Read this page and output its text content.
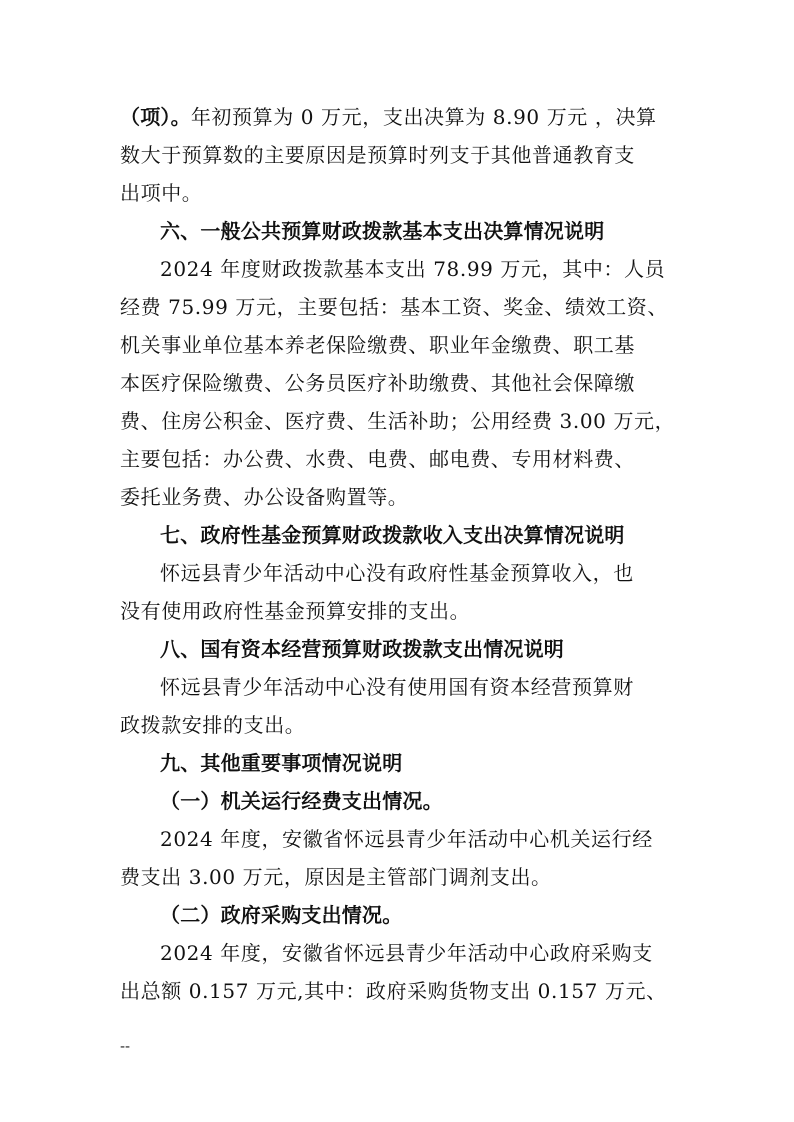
（项）。年初预算为 0 万元，支出决算为 8.90 万元 ，决算
数大于预算数的主要原因是预算时列支于其他普通教育支
出项中。
六、一般公共预算财政拨款基本支出决算情况说明
2024 年度财政拨款基本支出 78.99 万元，其中：人员
经费 75.99 万元，主要包括：基本工资、奖金、绩效工资、
机关事业单位基本养老保险缴费、职业年金缴费、职工基
本医疗保险缴费、公务员医疗补助缴费、其他社会保障缴
费、住房公积金、医疗费、生活补助；公用经费 3.00 万元，
主要包括：办公费、水费、电费、邮电费、专用材料费、
委托业务费、办公设备购置等。
七、政府性基金预算财政拨款收入支出决算情况说明
怀远县青少年活动中心没有政府性基金预算收入，也
没有使用政府性基金预算安排的支出。
八、国有资本经营预算财政拨款支出情况说明
怀远县青少年活动中心没有使用国有资本经营预算财
政拨款安排的支出。
九、其他重要事项情况说明
（一）机关运行经费支出情况。
2024 年度，安徽省怀远县青少年活动中心机关运行经
费支出 3.00 万元，原因是主管部门调剂支出。
（二）政府采购支出情况。
2024 年度，安徽省怀远县青少年活动中心政府采购支
出总额 0.157 万元,其中：政府采购货物支出 0.157 万元、
--
